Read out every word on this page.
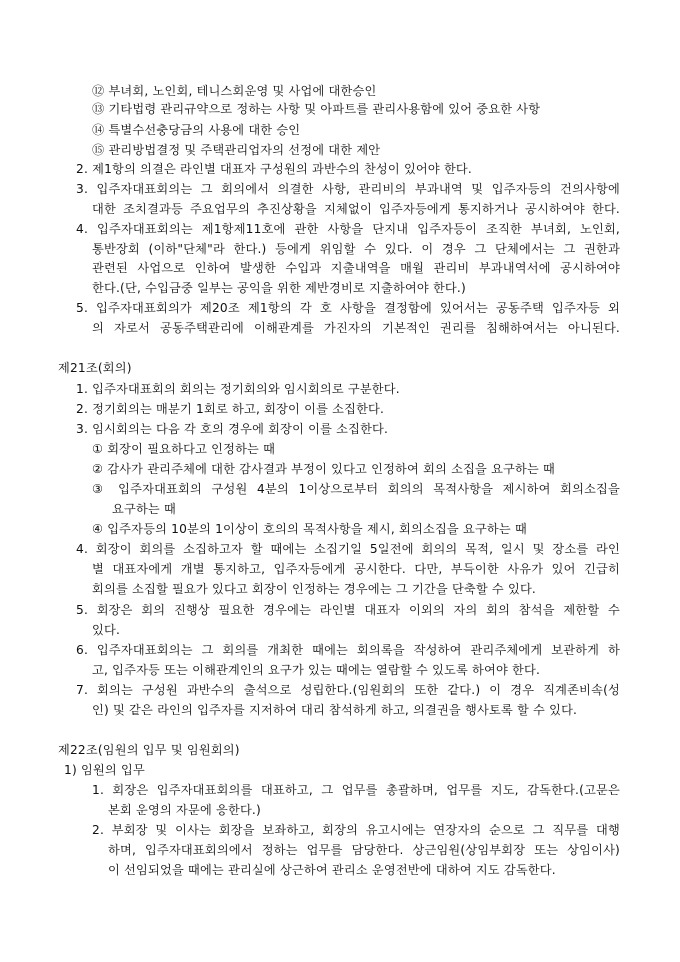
⑫ 부녀회, 노인회, 테니스회운영 및 사업에 대한승인
⑬ 기타법령 관리규약으로 정하는 사항 및 아파트를 관리사용함에 있어 중요한 사항
⑭ 특별수선충당금의 사용에 대한 승인
⑮ 관리방법결정 및 주택관리업자의 선정에 대한 제안
2. 제1항의 의결은 라인별 대표자 구성원의 과반수의 찬성이 있어야 한다.
3. 입주자대표회의는 그 회의에서 의결한 사항, 관리비의 부과내역 및 입주자등의 건의사항에
대한 조치결과등 주요업무의 추진상황을 지체없이 입주자등에게 통지하거나 공시하여야 한다.
4. 입주자대표회의는 제1항제11호에 관한 사항을 단지내 입주자등이 조직한 부녀회, 노인회,
통반장회 (이하"단체"라 한다.) 등에게 위임할 수 있다. 이 경우 그 단체에서는 그 권한과
관련된 사업으로 인하여 발생한 수입과 지출내역을 매월 관리비 부과내역서에 공시하여야
한다.(단, 수입금중 일부는 공익을 위한 제반경비로 지출하여야 한다.)
5. 입주자대표회의가 제20조 제1항의 각 호 사항을 결정함에 있어서는 공동주택 입주자등 외
의 자로서 공동주택관리에 이해관계를 가진자의 기본적인 권리를 침해하여서는 아니된다.
제21조(회의)
1. 입주자대표회의 회의는 정기회의와 임시회의로 구분한다.
2. 정기회의는 매분기 1회로 하고, 회장이 이를 소집한다.
3. 임시회의는 다음 각 호의 경우에 회장이 이를 소집한다.
① 회장이 필요하다고 인정하는 때
② 감사가 관리주체에 대한 감사결과 부정이 있다고 인정하여 회의 소집을 요구하는 때
③ 입주자대표회의 구성원 4분의 1이상으로부터 회의의 목적사항을 제시하여 회의소집을
요구하는 때
④ 입주자등의 10분의 1이상이 호의의 목적사항을 제시, 회의소집을 요구하는 때
4. 회장이 회의를 소집하고자 할 때에는 소집기일 5일전에 회의의 목적, 일시 및 장소를 라인
별 대표자에게 개별 통지하고, 입주자등에게 공시한다. 다만, 부득이한 사유가 있어 긴급히
회의를 소집할 필요가 있다고 회장이 인정하는 경우에는 그 기간을 단축할 수 있다.
5. 회장은 회의 진행상 필요한 경우에는 라인별 대표자 이외의 자의 회의 참석을 제한할 수
있다.
6. 입주자대표회의는 그 회의를 개최한 때에는 회의록을 작성하여 관리주체에게 보관하게 하
고, 입주자등 또는 이해관계인의 요구가 있는 때에는 열람할 수 있도록 하여야 한다.
7. 회의는 구성원 과반수의 출석으로 성립한다.(임원회의 또한 같다.) 이 경우 직계존비속(성
인) 및 같은 라인의 입주자를 지저하여 대리 참석하게 하고, 의결권을 행사토록 할 수 있다.
제22조(임원의 입무 및 임원회의)
1) 임원의 입무
1. 회장은 입주자대표회의를 대표하고, 그 업무를 총괄하며, 업무를 지도, 감독한다.(고문은
본회 운영의 자문에 응한다.)
2. 부회장 및 이사는 회장을 보좌하고, 회장의 유고시에는 연장자의 순으로 그 직무를 대행
하며, 입주자대표회의에서 정하는 업무를 담당한다. 상근임원(상임부회장 또는 상임이사)
이 선임되었을 때에는 관리실에 상근하여 관리소 운영전반에 대하여 지도 감독한다.
